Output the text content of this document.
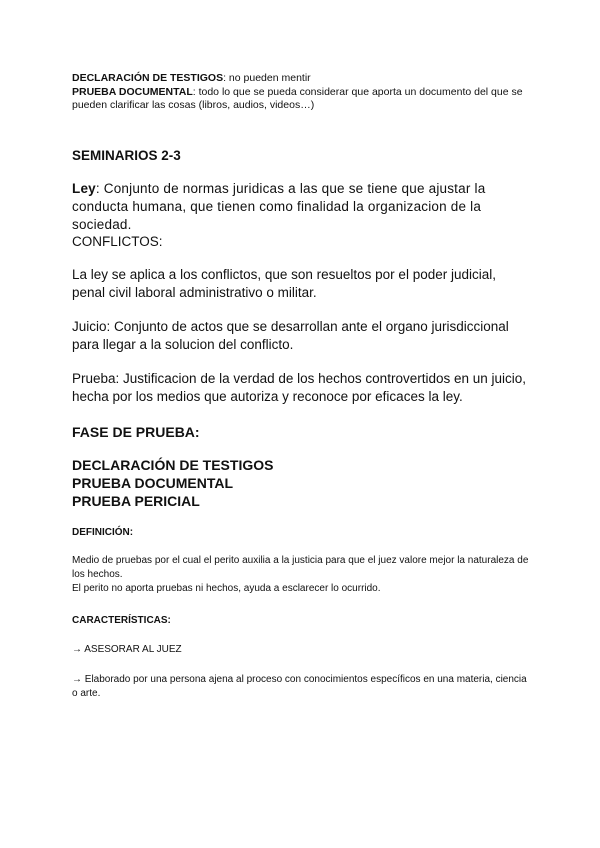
DECLARACIÓN DE TESTIGOS: no pueden mentir

PRUEBA DOCUMENTAL: todo lo que se pueda considerar que aporta un documento del que se pueden clarificar las cosas (libros, audios, videos…)

SEMINARIOS 2-3

Ley: Conjunto de normas juridicas a las que se tiene que ajustar la conducta humana, que tienen como finalidad la organizacion de la sociedad.

CONFLICTOS:

La ley se aplica a los conflictos, que son resueltos por el poder judicial, penal civil laboral administrativo o militar.

Juicio: Conjunto de actos que se desarrollan ante el organo jurisdiccional para llegar a la solucion del conflicto.

Prueba: Justificacion de la verdad de los hechos controvertidos en un juicio, hecha por los medios que autoriza y reconoce por eficaces la ley.

FASE DE PRUEBA:

DECLARACIÓN DE TESTIGOS

PRUEBA DOCUMENTAL

PRUEBA PERICIAL

DEFINICIÓN:

Medio de pruebas por el cual el perito auxilia a la justicia para que el juez valore mejor la naturaleza de los hechos.

El perito no aporta pruebas ni hechos, ayuda a esclarecer lo ocurrido.

CARACTERÍSTICAS:

→ ASESORAR AL JUEZ

→ Elaborado por una persona ajena al proceso con conocimientos específicos en una materia, ciencia o arte.
